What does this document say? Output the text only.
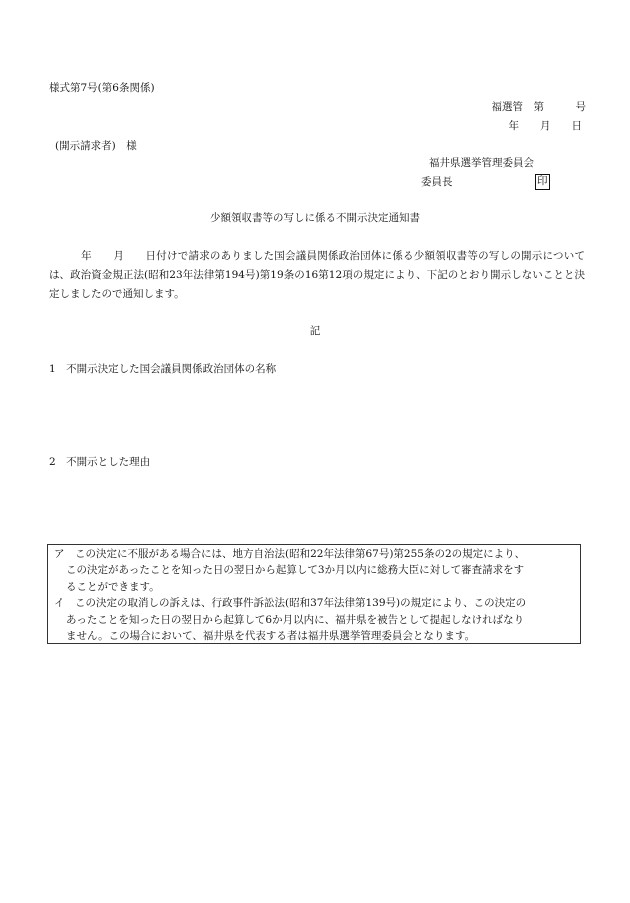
様式第7号(第6条関係)
福選管　第　　　号
年　　月　　日
(開示請求者)　様
福井県選挙管理委員会
委員長	印
少額領収書等の写しに係る不開示決定通知書
　　　年　　月　　日付けで請求のありました国会議員関係政治団体に係る少額領収書等の写しの開示については、政治資金規正法(昭和23年法律第194号)第19条の16第12項の規定により、下記のとおり開示しないことと決定しましたので通知します。
記
1　不開示決定した国会議員関係政治団体の名称
2　不開示とした理由
ア　この決定に不服がある場合には、地方自治法(昭和22年法律第67号)第255条の2の規定により、
この決定があったことを知った日の翌日から起算して3か月以内に総務大臣に対して審査請求をす
ることができます。
イ　この決定の取消しの訴えは、行政事件訴訟法(昭和37年法律第139号)の規定により、この決定の
あったことを知った日の翌日から起算して6か月以内に、福井県を被告として提起しなければなり
ません。この場合において、福井県を代表する者は福井県選挙管理委員会となります。
